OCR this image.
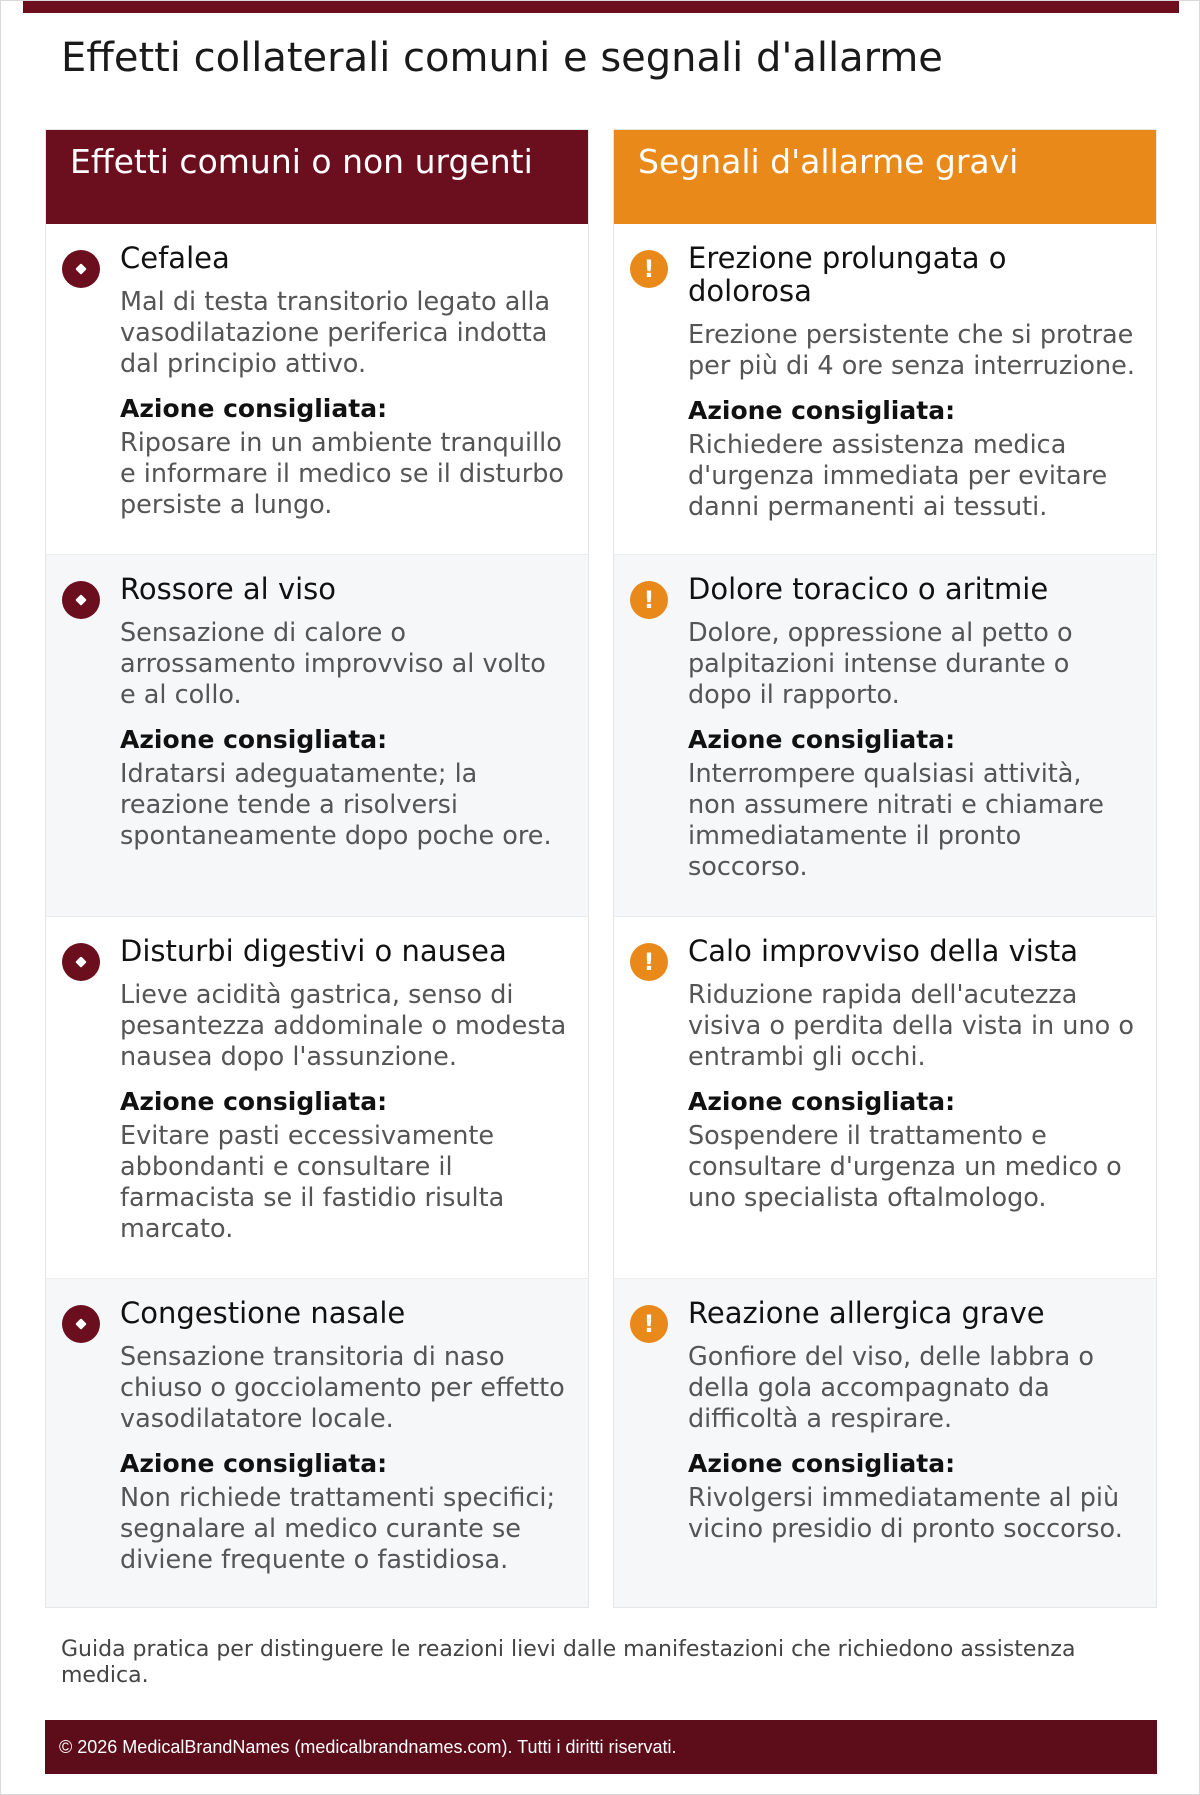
Effetti collaterali comuni e segnali d'allarme
Effetti comuni o non urgenti

Cefalea

Mal di testa transitorio legato alla vasodilatazione periferica indotta dal principio attivo.

Azione consigliata:

Riposare in un ambiente tranquillo e informare il medico se il disturbo persiste a lungo.

Rossore al viso

Sensazione di calore o arrossamento improvviso al volto e al collo.

Azione consigliata:

Idratarsi adeguatamente; la reazione tende a risolversi spontaneamente dopo poche ore.

Disturbi digestivi o nausea

Lieve acidità gastrica, senso di pesantezza addominale o modesta nausea dopo l'assunzione.

Azione consigliata:

Evitare pasti eccessivamente abbondanti e consultare il farmacista se il fastidio risulta marcato.

Congestione nasale

Sensazione transitoria di naso chiuso o gocciolamento per effetto vasodilatatore locale.

Azione consigliata:

Non richiede trattamenti specifici; segnalare al medico curante se diviene frequente o fastidiosa.

Segnali d'allarme gravi
!	Erezione prolungata o dolorosa

Erezione persistente che si protrae per più di 4 ore senza interruzione.

Azione consigliata:

Richiedere assistenza medica d'urgenza immediata per evitare danni permanenti ai tessuti.

!	Dolore toracico o aritmie

Dolore, oppressione al petto o palpitazioni intense durante o dopo il rapporto.

Azione consigliata:

Interrompere qualsiasi attività, non assumere nitrati e chiamare immediatamente il pronto soccorso.

!	Calo improvviso della vista

Riduzione rapida dell'acutezza visiva o perdita della vista in uno o entrambi gli occhi.

Azione consigliata:

Sospendere il trattamento e consultare d'urgenza un medico o uno specialista oftalmologo.

!	Reazione allergica grave

Gonfiore del viso, delle labbra o della gola accompagnato da difficoltà a respirare.

Azione consigliata:

Rivolgersi immediatamente al più vicino presidio di pronto soccorso.

Guida pratica per distinguere le reazioni lievi dalle manifestazioni che richiedono assistenza medica.
© 2026 MedicalBrandNames (medicalbrandnames.com). Tutti i diritti riservati.
